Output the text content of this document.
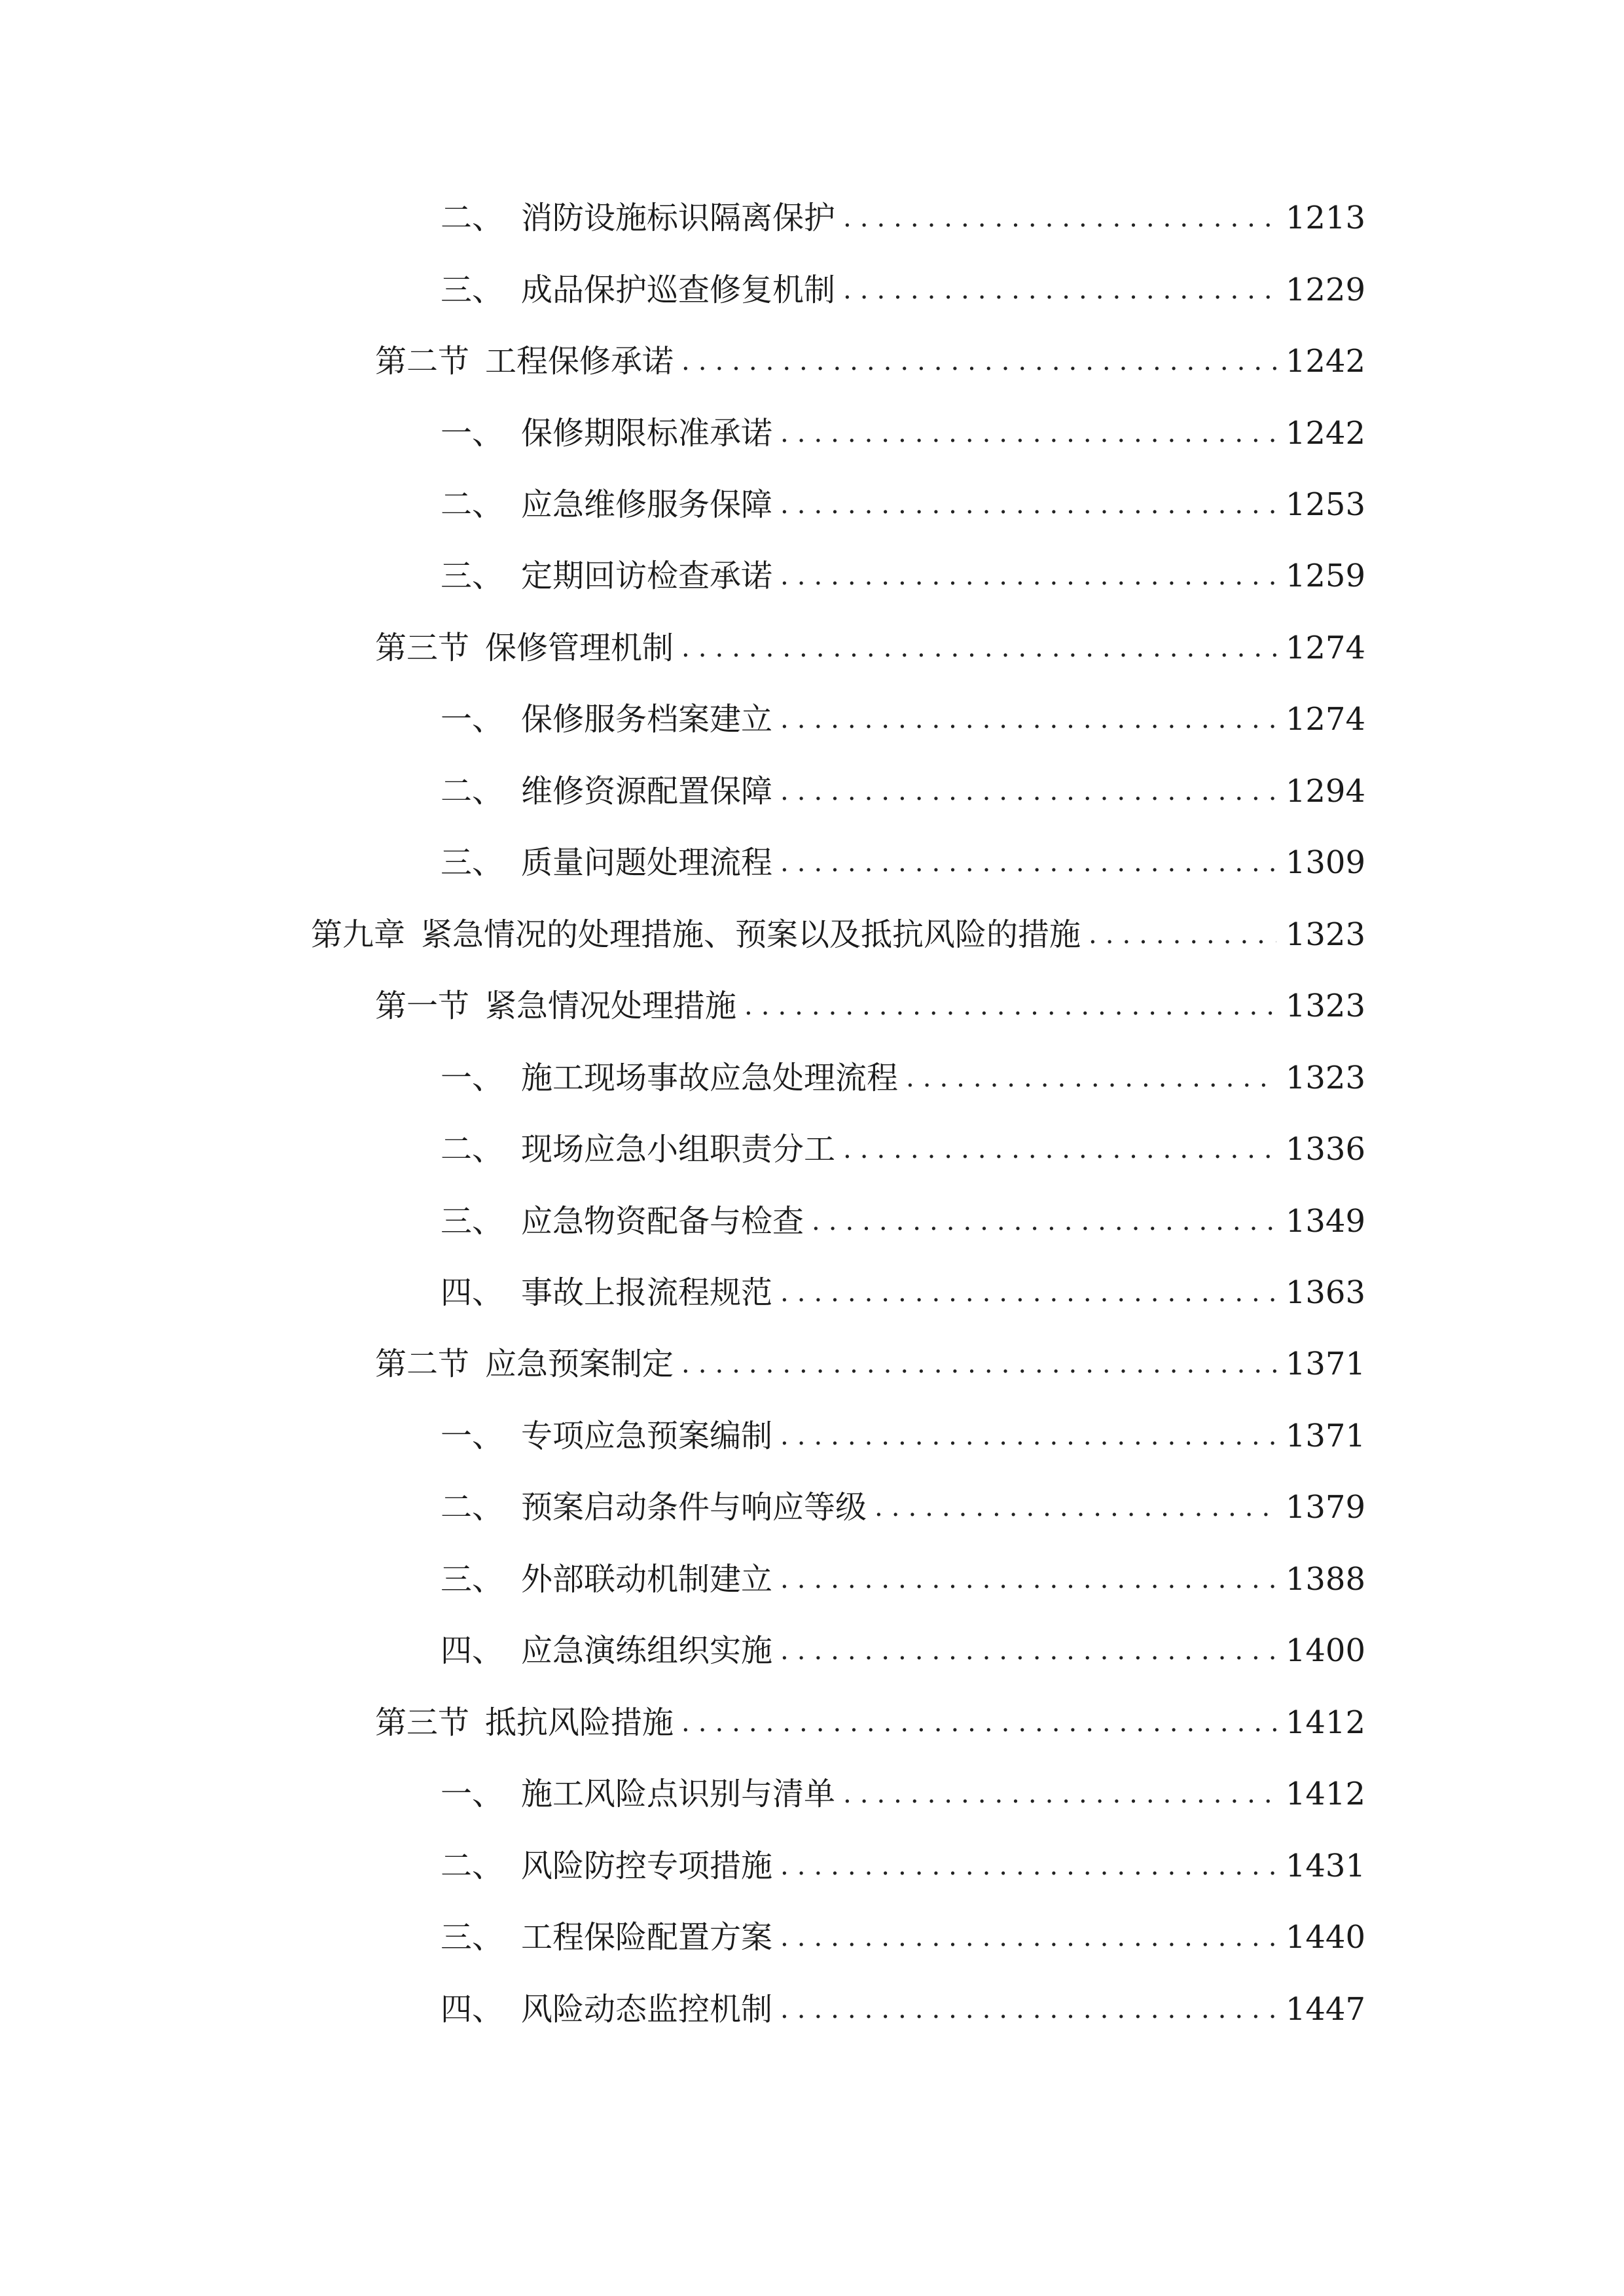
二、 消防设施标识隔离保护 .....	1213
三、 成品保护巡查修复机制 .....	1229
第二节 工程保修承诺 .....	1242
一、 保修期限标准承诺 .....	1242
二、 应急维修服务保障 .....	1253
三、 定期回访检查承诺 .....	1259
第三节 保修管理机制 .....	1274
一、 保修服务档案建立 .....	1274
二、 维修资源配置保障 .....	1294
三、 质量问题处理流程 .....	1309
第九章 紧急情况的处理措施、预案以及抵抗风险的措施 .....	1323
第一节 紧急情况处理措施 .....	1323
一、 施工现场事故应急处理流程 .....	1323
二、 现场应急小组职责分工 .....	1336
三、 应急物资配备与检查 .....	1349
四、 事故上报流程规范 .....	1363
第二节 应急预案制定 .....	1371
一、 专项应急预案编制 .....	1371
二、 预案启动条件与响应等级 .....	1379
三、 外部联动机制建立 .....	1388
四、 应急演练组织实施 .....	1400
第三节 抵抗风险措施 .....	1412
一、 施工风险点识别与清单 .....	1412
二、 风险防控专项措施 .....	1431
三、 工程保险配置方案 .....	1440
四、 风险动态监控机制 .....	1447
